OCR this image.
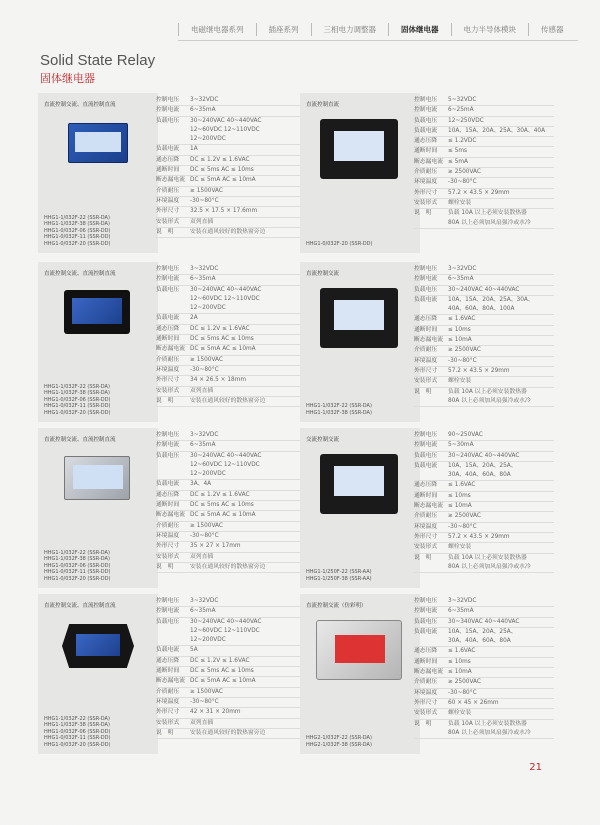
电磁继电器系列	插座系列	三相电力调整器	固体继电器	电力半导体模块	传感器
Solid State Relay
固体继电器
直流控制交流、直流控制直流
HHG1-1/032F-22 (SSR-DA)
HHG1-1/032F-38 (SSR-DA)
HHG1-0/032F-06 (SSR-DD)
HHG1-0/032F-11 (SSR-DD)
HHG1-0/032F-20 (SSR-DD)
控制电压	3~32VDC
控制电流	6~35mA
负载电压	30~240VAC 40~440VAC
12~60VDC 12~110VDC
12~200VDC
负载电流	1A
通态压降	DC ≤ 1.2V ≤ 1.6VAC
通断时间	DC ≤ 5ms AC ≤ 10ms
断态漏电流 DC ≤ 5mA AC ≤ 10mA
介质耐压	≥ 1500VAC
环境温度	-30~80°C
外形尺寸	32.5 × 17.5 × 17.6mm
安装形式	双列直插
说　明	安装在通风较好的散热窗旁边
直流控制交流、直流控制直流
HHG1-1/032F-22 (SSR-DA)
HHG1-1/032F-38 (SSR-DA)
HHG1-0/032F-06 (SSR-DD)
HHG1-0/032F-11 (SSR-DD)
HHG1-0/032F-20 (SSR-DD)
控制电压	3~32VDC
控制电流	6~35mA
负载电压	30~240VAC 40~440VAC
12~60VDC 12~110VDC
12~200VDC
负载电流	2A
通态压降	DC ≤ 1.2V ≤ 1.6VAC
通断时间	DC ≤ 5ms AC ≤ 10ms
断态漏电流 DC ≤ 5mA AC ≤ 10mA
介质耐压	≥ 1500VAC
环境温度	-30~80°C
外形尺寸	34 × 26.5 × 18mm
安装形式	双列直插
说　明	安装在通风较好的散热窗旁边
直流控制交流、直流控制直流
HHG1-1/032F-22 (SSR-DA)
HHG1-1/032F-38 (SSR-DA)
HHG1-0/032F-06 (SSR-DD)
HHG1-0/032F-11 (SSR-DD)
HHG1-0/032F-20 (SSR-DD)
控制电压	3~32VDC
控制电流	6~35mA
负载电压	30~240VAC 40~440VAC
12~60VDC 12~110VDC
12~200VDC
负载电流	3A、4A
通态压降	DC ≤ 1.2V ≤ 1.6VAC
通断时间	DC ≤ 5ms AC ≤ 10ms
断态漏电流 DC ≤ 5mA AC ≤ 10mA
介质耐压	≥ 1500VAC
环境温度	-30~80°C
外形尺寸	35 × 27 × 17mm
安装形式	双列直插
说　明	安装在通风较好的散热窗旁边
直流控制交流、直流控制直流
HHG1-1/032F-22 (SSR-DA)
HHG1-1/032F-38 (SSR-DA)
HHG1-0/032F-06 (SSR-DD)
HHG1-0/032F-11 (SSR-DD)
HHG1-0/032F-20 (SSR-DD)
控制电压	3~32VDC
控制电流	6~35mA
负载电压	30~240VAC 40~440VAC
12~60VDC 12~110VDC
12~200VDC
负载电流	5A
通态压降	DC ≤ 1.2V ≤ 1.6VAC
通断时间	DC ≤ 5ms AC ≤ 10ms
断态漏电流 DC ≤ 5mA AC ≤ 10mA
介质耐压	≥ 1500VAC
环境温度	-30~80°C
外形尺寸	42 × 31 × 20mm
安装形式	双列直插
说　明	安装在通风较好的散热窗旁边
直流控制直流
HHG1-0/032F-20 (SSR-DD)
控制电压	5~32VDC
控制电流	6~25mA
负载电压	12~250VDC
负载电流	10A、15A、20A、25A、30A、40A
通态压降	≤ 1.2VDC
通断时间	≤ 5ms
断态漏电流 ≤ 5mA
介质耐压	≥ 2500VAC
环境温度	-30~80°C
外形尺寸	57.2 × 43.5 × 29mm
安装形式	螺栓安装
说　明	负载 10A 以上必须安装散热器
80A 以上必须加风扇强冷或水冷
直流控制交流
HHG1-1/032F-22 (SSR-DA)
HHG1-1/032F-38 (SSR-DA)
控制电压	3~32VDC
控制电流	6~35mA
负载电压	30~240VAC 40~440VAC
负载电流	10A、15A、20A、25A、30A、
40A、60A、80A、100A
通态压降	≤ 1.6VAC
通断时间	≤ 10ms
断态漏电流 ≤ 10mA
介质耐压	≥ 2500VAC
环境温度	-30~80°C
外形尺寸	57.2 × 43.5 × 29mm
安装形式	螺栓安装
说　明	负载 10A 以上必须安装散热器
80A 以上必须加风扇强冷或水冷
交流控制交流
HHG1-1/250F-22 (SSR-AA)
HHG1-1/250F-38 (SSR-AA)
控制电压	90~250VAC
控制电流	5~30mA
负载电压	30~240VAC 40~440VAC
负载电流	10A、15A、20A、25A、
30A、40A、60A、80A
通态压降	≤ 1.6VAC
通断时间	≤ 10ms
断态漏电流 ≤ 10mA
介质耐压	≥ 2500VAC
环境温度	-30~80°C
外形尺寸	57.2 × 43.5 × 29mm
安装形式	螺栓安装
说　明	负载 10A 以上必须安装散热器
80A 以上必须加风扇强冷或水冷
直流控制交流（仿彩明）
HHG2-1/032F-22 (SSR-DA)
HHG2-1/032F-38 (SSR-DA)
控制电压	3~32VDC
控制电流	6~35mA
负载电压	30~340VAC 40~440VAC
负载电流	10A、15A、20A、25A、
30A、40A、60A、80A
通态压降	≤ 1.6VAC
通断时间	≤ 10ms
断态漏电流 ≤ 10mA
介质耐压	≥ 2500VAC
环境温度	-30~80°C
外形尺寸	60 × 45 × 26mm
安装形式	螺栓安装
说　明	负载 10A 以上必须安装散热器
80A 以上必须加风扇强冷或水冷
21
